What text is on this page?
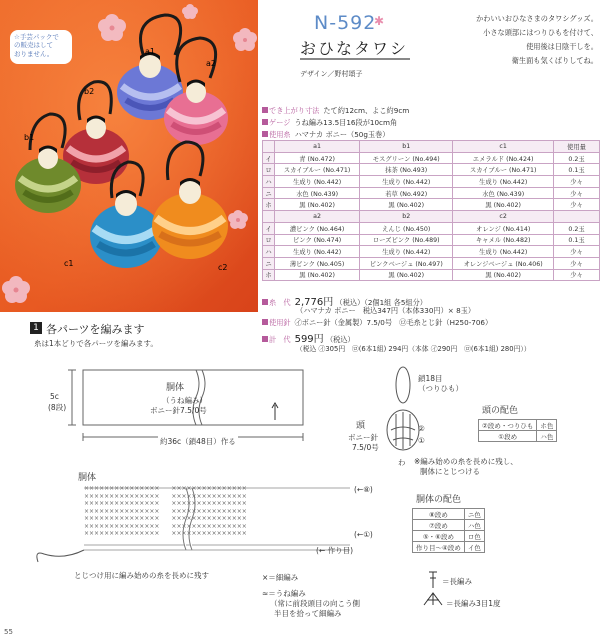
a1
a2
b2
b1
c1	c2
☆手芸パックで
の販売はして
おりません。
N-592
✱
おひなタワシ
デザイン／野村頌子
かわいいおひなさまのタワシグッズ。
小さな頭部にはつりひもを付けて、
使用後は日陰干しを。
衛生面も気くばりしてね。
でき上がり寸法 たて約12cm、よこ約9cm
ゲージ うね編み13.5目16段が10cm角
使用糸 ハマナカ ボニー（50g玉巻）
	a1	b1	c1	使用量
イ	青 (No.472)	モスグリーン (No.494)	エメラルド (No.424)	0.2玉
ロ	スカイブルー (No.471)	抹茶 (No.493)	スカイブルー (No.471)	0.1玉
ハ	生成り (No.442)	生成り (No.442)	生成り (No.442)	少々
ニ	水色 (No.439)	若草 (No.492)	水色 (No.439)	少々
ホ	黒 (No.402)	黒 (No.402)	黒 (No.402)	少々
	a2	b2	c2	
イ	濃ピンク (No.464)	えんじ (No.450)	オレンジ (No.414)	0.2玉
ロ	ピンク (No.474)	ローズピンク (No.489)	キャメル (No.482)	0.1玉
ハ	生成り (No.442)	生成り (No.442)	生成り (No.442)	少々
ニ	薄ピンク (No.405)	ピンクベージュ (No.497)	オレンジベージュ (No.406)	少々
ホ	黒 (No.402)	黒 (No.402)	黒 (No.402)	少々
糸　代 2,776円 （税込）（2個1組 各5組分）
（ハマナカ ボニー　税込347円（本体330円）× 8玉）
使用針 ㋑ボニー針（金属製）7.5/0号　㋺毛糸とじ針（H250-706）
計　代 599円 （税込）
（税込 ㋑305円　㋺(6本1組) 294円（本体 ㋑290円　㋺(6本1組) 280円））
1 各パーツを編みます
糸は1本どりで各パーツを編みます。
×××××××××××××××　　×××××××××××××××
×××××××××××××××　　×××××××××××××××
×××××××××××××××　　×××××××××××××××
×××××××××××××××　　×××××××××××××××
×××××××××××××××　　×××××××××××××××
×××××××××××××××　　×××××××××××××××
×××××××××××××××　　×××××××××××××××
胴体
（うね編み）
ボニー針7.5/0号
5c
(8段)
約36c（鎖48目）作る
鎖18目
（つりひも）
頭
ボニー針
7.5/0号
②
①
わ ※編み始めの糸を長めに残し、
胴体にとじつける
頭の配色
②段め・つりひも	ホ色
①段め	ハ色
胴体
(←⑧)
(←①)
(← 作り目)
とじつけ用に編み始めの糸を長めに残す
胴体の配色
⑧段め	ニ色
⑦段め	ハ色
⑤・⑥段め	ロ色
作り目〜④段め	イ色
×＝細編み
≈＝うね編み
（常に前段頭目の向こう側
半目を拾って細編み
＝長編み
＝長編み3目1度
55
